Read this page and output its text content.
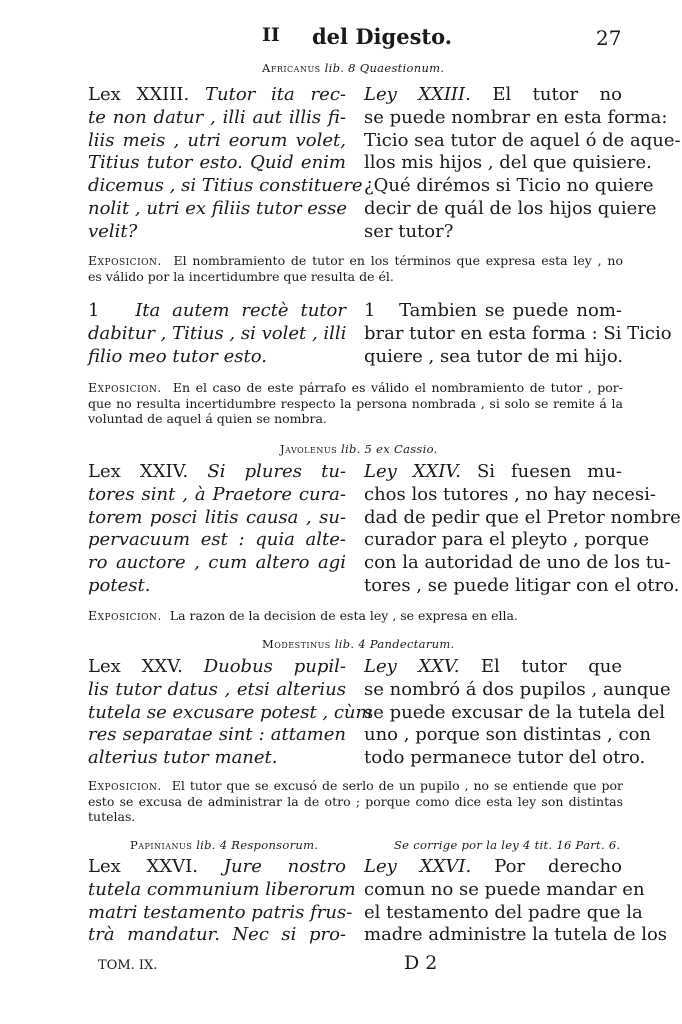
II del Digesto.	27
Africanus lib. 8 Quaestionum.
Lex XXIII. Tutor ita rec-
te non datur , illi aut illis fi-
liis meis , utri eorum volet,
Titius tutor esto. Quid enim
dicemus , si Titius constituere
nolit , utri ex filiis tutor esse
velit?
Ley XXIII. El tutor no
se puede nombrar en esta forma:
Ticio sea tutor de aquel ó de aque-
llos mis hijos , del que quisiere.
¿Qué dirémos si Ticio no quiere
decir de quál de los hijos quiere
ser tutor?
Exposicion. El nombramiento de tutor en los términos que expresa esta ley , no
es válido por la incertidumbre que resulta de él.
1 Ita autem rectè tutor
dabitur , Titius , si volet , illi
filio meo tutor esto.
1 Tambien se puede nom-
brar tutor en esta forma : Si Ticio
quiere , sea tutor de mi hijo.
Exposicion. En el caso de este párrafo es válido el nombramiento de tutor , por-
que no resulta incertidumbre respecto la persona nombrada , si solo se remite á la
voluntad de aquel á quien se nombra.
Javolenus lib. 5 ex Cassio.
Lex XXIV. Si plures tu-
tores sint , à Praetore cura-
torem posci litis causa , su-
pervacuum est : quia alte-
ro auctore , cum altero agi
potest.
Ley XXIV. Si fuesen mu-
chos los tutores , no hay necesi-
dad de pedir que el Pretor nombre
curador para el pleyto , porque
con la autoridad de uno de los tu-
tores , se puede litigar con el otro.
Exposicion. La razon de la decision de esta ley , se expresa en ella.
Modestinus lib. 4 Pandectarum.
Lex XXV. Duobus pupil-
lis tutor datus , etsi alterius
tutela se excusare potest , cùm
res separatae sint : attamen
alterius tutor manet.
Ley XXV. El tutor que
se nombró á dos pupilos , aunque
se puede excusar de la tutela del
uno , porque son distintas , con
todo permanece tutor del otro.
Exposicion. El tutor que se excusó de serlo de un pupilo , no se entiende que por
esto se excusa de administrar la de otro ; porque como dice esta ley son distintas
tutelas.
Papinianus lib. 4 Responsorum.	Se corrige por la ley 4 tit. 16 Part. 6.
Lex XXVI. Jure nostro
tutela communium liberorum
matri testamento patris frus-
trà mandatur. Nec si pro-
Ley XXVI. Por derecho
comun no se puede mandar en
el testamento del padre que la
madre administre la tutela de los
TOM. IX.	D 2
